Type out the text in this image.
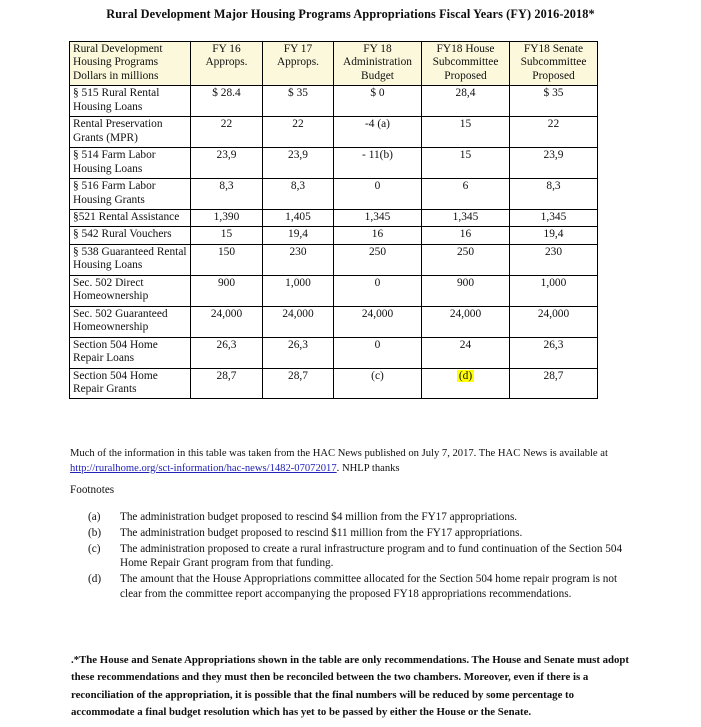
Rural Development Major Housing Programs Appropriations Fiscal Years (FY) 2016-2018*
Rural Development Housing Programs Dollars in millions	FY 16 Approps.	FY 17 Approps.	FY 18 Administration Budget	FY18 House Subcommittee Proposed	FY18 Senate Subcommittee Proposed
§ 515 Rural Rental Housing Loans	$ 28.4	$ 35	$ 0	28,4	$ 35
Rental Preservation Grants (MPR)	22	22	-4 (a)	15	22
§ 514 Farm Labor Housing Loans	23,9	23,9	- 11(b)	15	23,9
§ 516 Farm Labor Housing Grants	8,3	8,3	0	6	8,3
§521 Rental Assistance	1,390	1,405	1,345	1,345	1,345
§ 542 Rural Vouchers	15	19,4	16	16	19,4
§ 538 Guaranteed Rental Housing Loans	150	230	250	250	230
Sec. 502 Direct Homeownership	900	1,000	0	900	1,000
Sec. 502 Guaranteed Homeownership	24,000	24,000	24,000	24,000	24,000
Section 504 Home Repair Loans	26,3	26,3	0	24	26,3
Section 504 Home Repair Grants	28,7	28,7	(c)	(d)	28,7
Much of the information in this table was taken from the HAC News published on July 7, 2017. The HAC News is available at http://ruralhome.org/sct-information/hac-news/1482-07072017. NHLP thanks
Footnotes
(a)	The administration budget proposed to rescind $4 million from the FY17 appropriations.
(b)	The administration budget proposed to rescind $11 million from the FY17 appropriations.
(c)	The administration proposed to create a rural infrastructure program and to fund continuation of the Section 504 Home Repair Grant program from that funding.
(d)	The amount that the House Appropriations committee allocated for the Section 504 home repair program is not clear from the committee report accompanying the proposed FY18 appropriations recommendations.
.*The House and Senate Appropriations shown in the table are only recommendations. The House and Senate must adopt these recommendations and they must then be reconciled between the two chambers. Moreover, even if there is a reconciliation of the appropriation, it is possible that the final numbers will be reduced by some percentage to accommodate a final budget resolution which has yet to be passed by either the House or the Senate.
